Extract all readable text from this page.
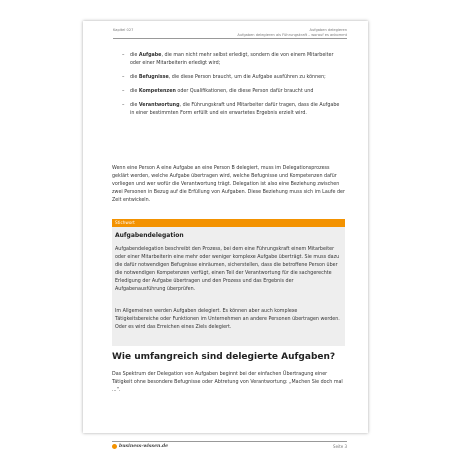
Kapitel 027	Aufgaben delegieren
Aufgaben delegieren als Führungskraft – worauf es ankommt
– die Aufgabe, die man nicht mehr selbst erledigt, sondern die von einem Mitarbeiter oder einer Mitarbeiterin erledigt wird;
– die Befugnisse, die diese Person braucht, um die Aufgabe ausführen zu können;
– die Kompetenzen oder Qualifikationen, die diese Person dafür braucht und
– die Verantwortung, die Führungskraft und Mitarbeiter dafür tragen, dass die Aufgabe in einer bestimmten Form erfüllt und ein erwartetes Ergebnis erzielt wird.

Wenn eine Person A eine Aufgabe an eine Person B delegiert, muss im Delegationsprozess geklärt werden, welche Aufgabe übertragen wird, welche Befugnisse und Kompetenzen dafür vorliegen und wer wofür die Verantwortung trägt. Delegation ist also eine Beziehung zwischen zwei Personen in Bezug auf die Erfüllung von Aufgaben. Diese Beziehung muss sich im Laufe der Zeit entwickeln.

Stichwort
Aufgabendelegation

Aufgabendelegation beschreibt den Prozess, bei dem eine Führungskraft einem Mitarbeiter oder einer Mitarbeiterin eine mehr oder weniger komplexe Aufgabe überträgt. Sie muss dazu die dafür notwendigen Befugnisse einräumen, sicherstellen, dass die betroffene Person über die notwendigen Kompetenzen verfügt, einen Teil der Verantwortung für die sachgerechte Erledigung der Aufgabe übertragen und den Prozess und das Ergebnis der Aufgabenausführung überprüfen.

Im Allgemeinen werden Aufgaben delegiert. Es können aber auch komplexe Tätigkeitsbereiche oder Funktionen im Unternehmen an andere Personen übertragen werden. Oder es wird das Erreichen eines Ziels delegiert.

Wie umfangreich sind delegierte Aufgaben?

Das Spektrum der Delegation von Aufgaben beginnt bei der einfachen Übertragung einer Tätigkeit ohne besondere Befugnisse oder Abtretung von Verantwortung: „Machen Sie doch mal ...“.

business-wissen.de	Seite 3
